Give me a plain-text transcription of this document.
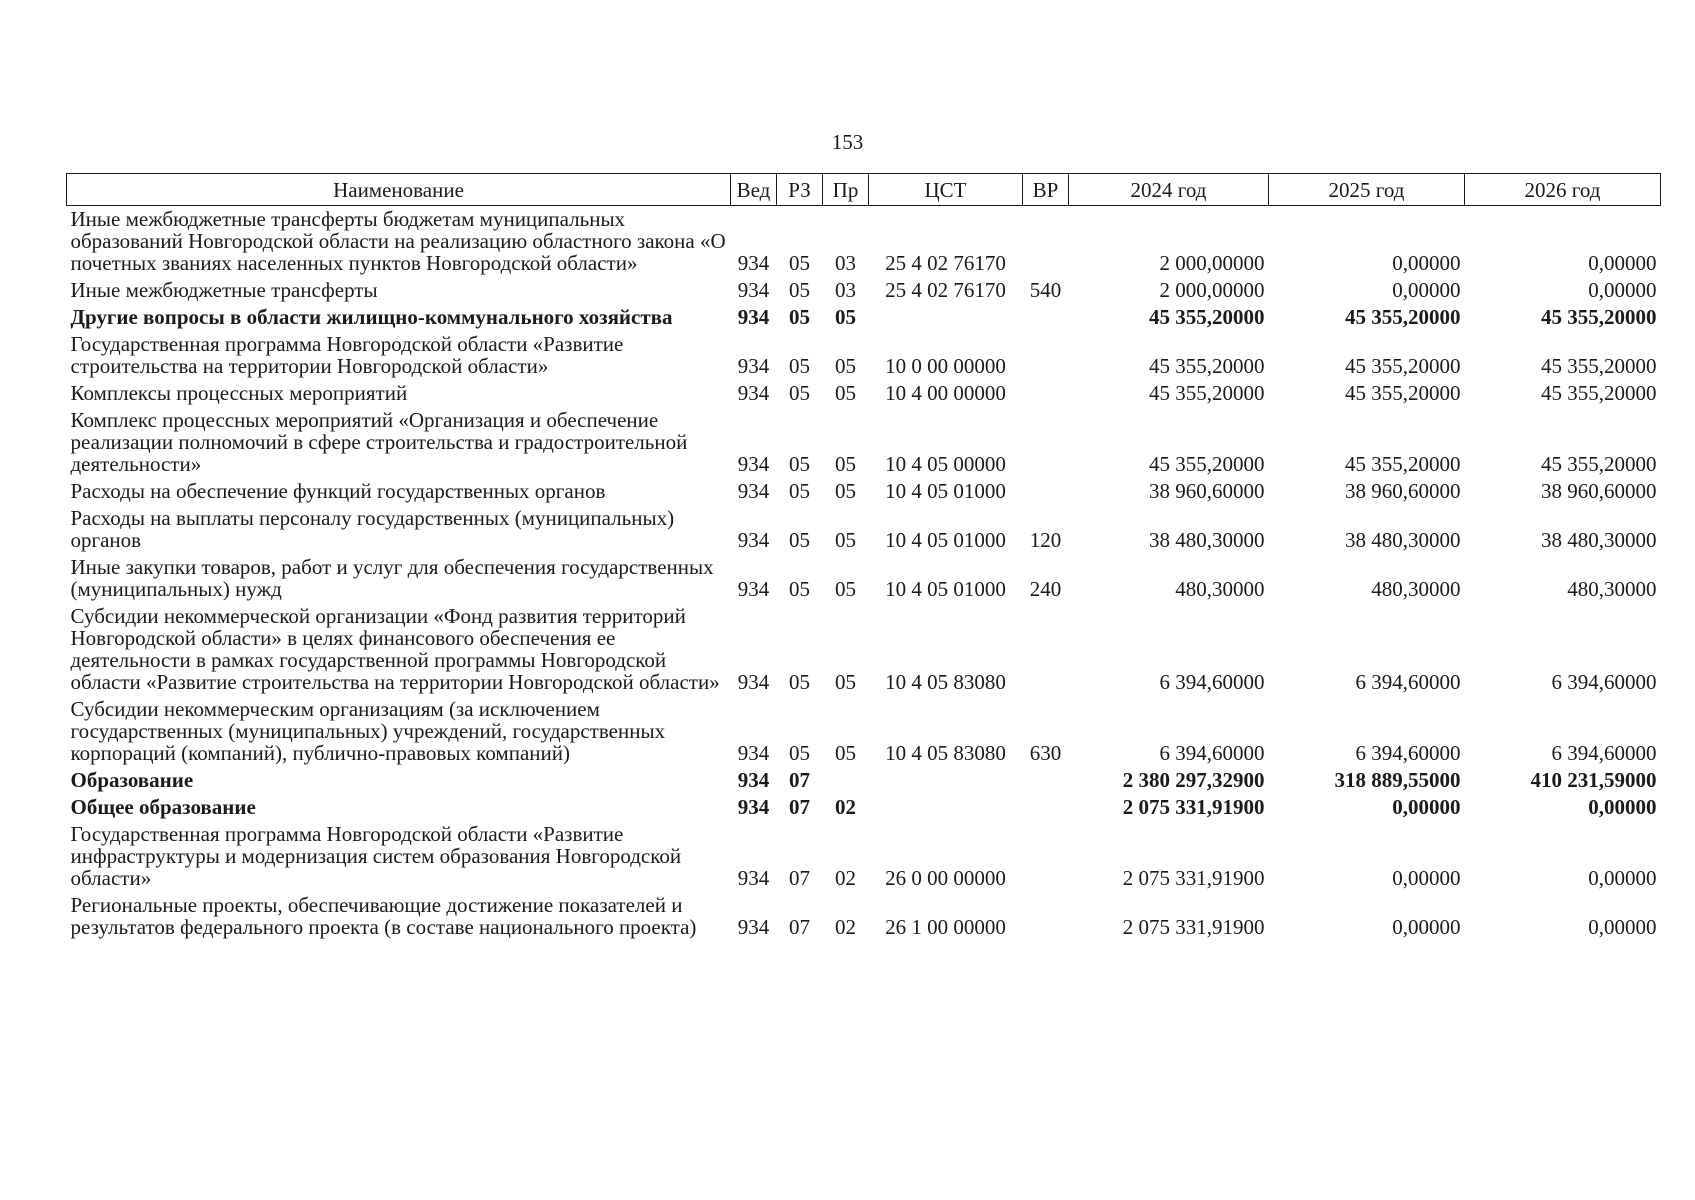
153
Наименование	Вед	РЗ	Пр	ЦСТ	ВР	2024 год	2025 год	2026 год
Иные межбюджетные трансферты бюджетам муниципальных образований Новгородской области на реализацию областного закона «О почетных званиях населенных пунктов Новгородской области»	934	05	03	25 4 02 76170		2 000,00000	0,00000	0,00000
Иные межбюджетные трансферты	934	05	03	25 4 02 76170	540	2 000,00000	0,00000	0,00000
Другие вопросы в области жилищно-коммунального хозяйства	934	05	05			45 355,20000	45 355,20000	45 355,20000
Государственная программа Новгородской области «Развитие строительства на территории Новгородской области»	934	05	05	10 0 00 00000		45 355,20000	45 355,20000	45 355,20000
Комплексы процессных мероприятий	934	05	05	10 4 00 00000		45 355,20000	45 355,20000	45 355,20000
Комплекс процессных мероприятий «Организация и обеспечение реализации полномочий в сфере строительства и градостроительной деятельности»	934	05	05	10 4 05 00000		45 355,20000	45 355,20000	45 355,20000
Расходы на обеспечение функций государственных органов	934	05	05	10 4 05 01000		38 960,60000	38 960,60000	38 960,60000
Расходы на выплаты персоналу государственных (муниципальных) органов	934	05	05	10 4 05 01000	120	38 480,30000	38 480,30000	38 480,30000
Иные закупки товаров, работ и услуг для обеспечения государственных (муниципальных) нужд	934	05	05	10 4 05 01000	240	480,30000	480,30000	480,30000
Субсидии некоммерческой организации «Фонд развития территорий Новгородской области» в целях финансового обеспечения ее деятельности в рамках государственной программы Новгородской области «Развитие строительства на территории Новгородской области»	934	05	05	10 4 05 83080		6 394,60000	6 394,60000	6 394,60000
Субсидии некоммерческим организациям (за исключением государственных (муниципальных) учреждений, государственных корпораций (компаний), публично-правовых компаний)	934	05	05	10 4 05 83080	630	6 394,60000	6 394,60000	6 394,60000
Образование	934	07				2 380 297,32900	318 889,55000	410 231,59000
Общее образование	934	07	02			2 075 331,91900	0,00000	0,00000
Государственная программа Новгородской области «Развитие инфраструктуры и модернизация систем образования Новгородской области»	934	07	02	26 0 00 00000		2 075 331,91900	0,00000	0,00000
Региональные проекты, обеспечивающие достижение показателей и результатов федерального проекта (в составе национального проекта)	934	07	02	26 1 00 00000		2 075 331,91900	0,00000	0,00000
